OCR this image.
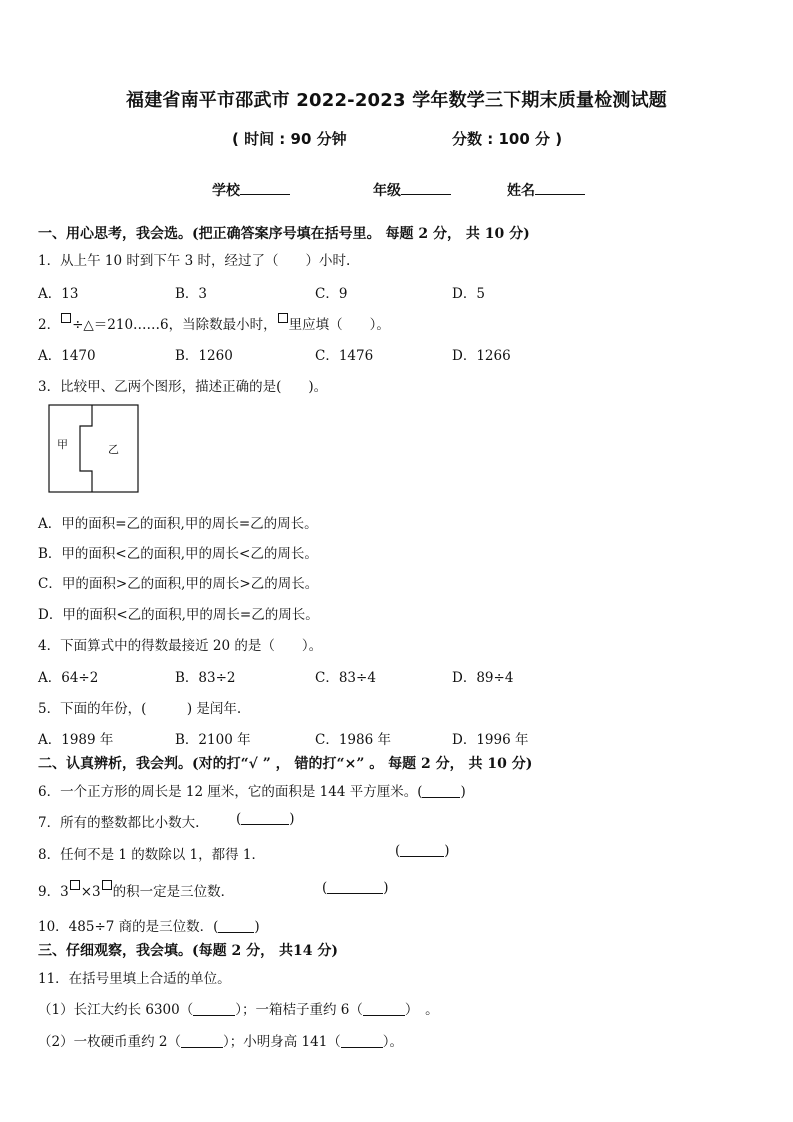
福建省南平市邵武市 2022-2023 学年数学三下期末质量检测试题
( 时间 : 90 分钟	分数 : 100 分 )
学校	年级	姓名
一、用心思考，我会选。(把正确答案序号填在括号里。 每题 2 分， 共 10 分)
1．从上午 10 时到下午 3 时，经过了（　　）小时.
A．13	B．3	C．9	D．5
2． ÷△＝210……6，当除数最小时， 里应填（　　）。
A．1470	B．1260	C．1476	D．1266
3．比较甲、乙两个图形，描述正确的是(　　)。
甲	乙
A．甲的面积=乙的面积,甲的周长=乙的周长。
B．甲的面积<乙的面积,甲的周长<乙的周长。
C．甲的面积>乙的面积,甲的周长>乙的周长。
D．甲的面积<乙的面积,甲的周长=乙的周长。
4．下面算式中的得数最接近 20 的是（　　）。
A．64÷2	B．83÷2	C．83÷4	D．89÷4
5．下面的年份，(　　　) 是闰年.
A．1989 年	B．2100 年	C．1986 年	D．1996 年
二、认真辨析，我会判。(对的打“√ ” ， 错的打“×” 。 每题 2 分， 共 10 分)
6．一个正方形的周长是 12 厘米，它的面积是 144 平方厘米。(	)
7．所有的整数都比小数大.	(	)
8．任何不是 1 的数除以 1，都得 1．	(	)
9．3 ×3 的积一定是三位数．	(	)
10．485÷7 商的是三位数．(	)
三、仔细观察，我会填。(每题 2 分， 共14 分)
11．在括号里填上合适的单位。
（1）长江大约长 6300（	）；一箱桔子重约 6（	）　。
（2）一枚硬币重约 2（	）；小明身高 141（	）。
